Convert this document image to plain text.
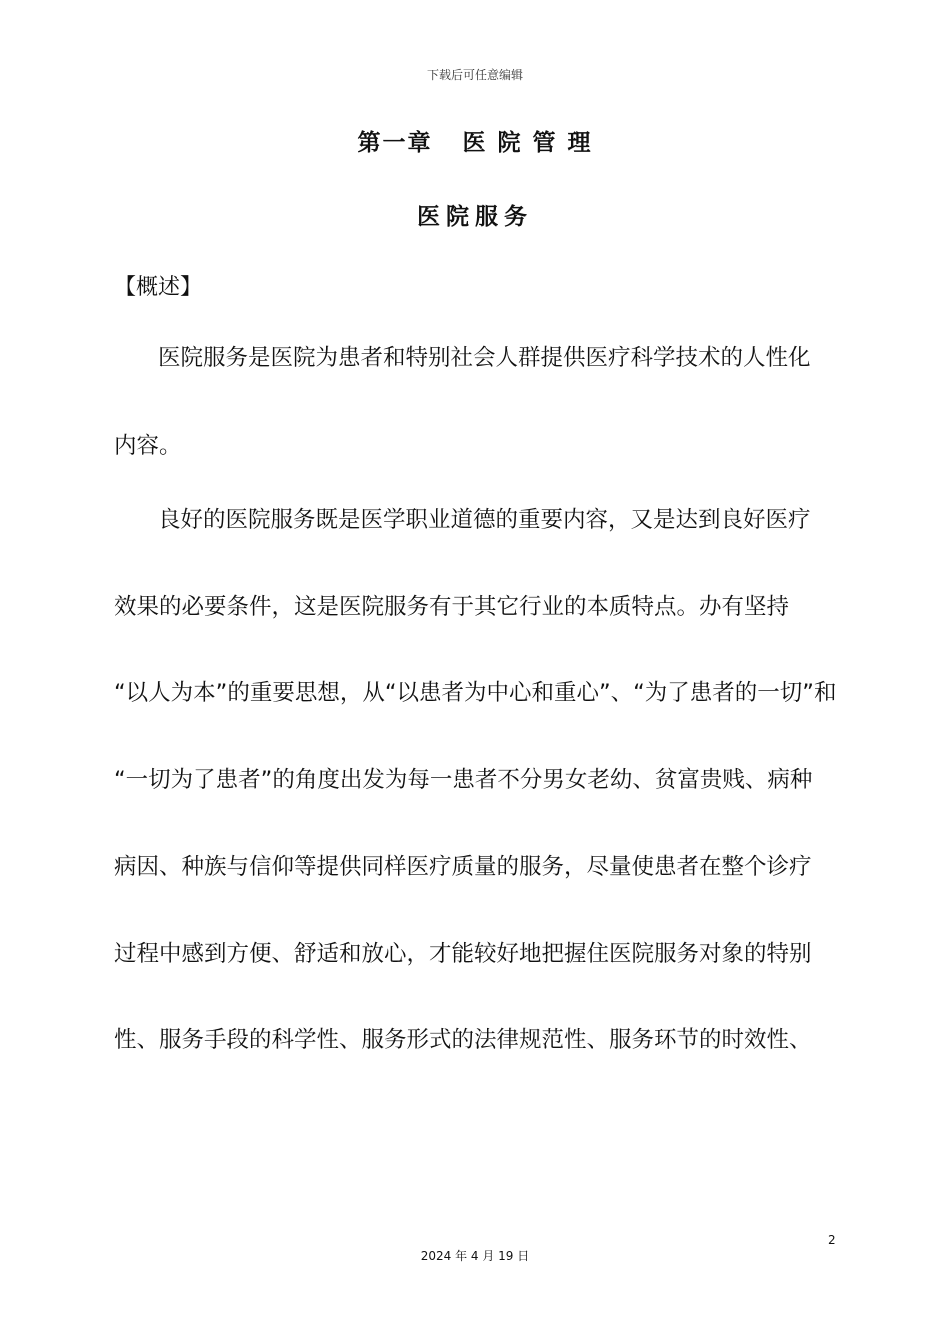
下载后可任意编辑
第一章 医 院 管 理
医院服务
【概述】
医院服务是医院为患者和特别社会人群提供医疗科学技术的人性化
内容。
良好的医院服务既是医学职业道德的重要内容，又是达到良好医疗
效果的必要条件，这是医院服务有于其它行业的本质特点。办有坚持
“以人为本”的重要思想，从“以患者为中心和重心”、“为了患者的一切”和
“一切为了患者”的角度出发为每一患者不分男女老幼、贫富贵贱、病种
病因、种族与信仰等提供同样医疗质量的服务，尽量使患者在整个诊疗
过程中感到方便、舒适和放心，才能较好地把握住医院服务对象的特别
性、服务手段的科学性、服务形式的法律规范性、服务环节的时效性、
2
2024 年 4 月 19 日
